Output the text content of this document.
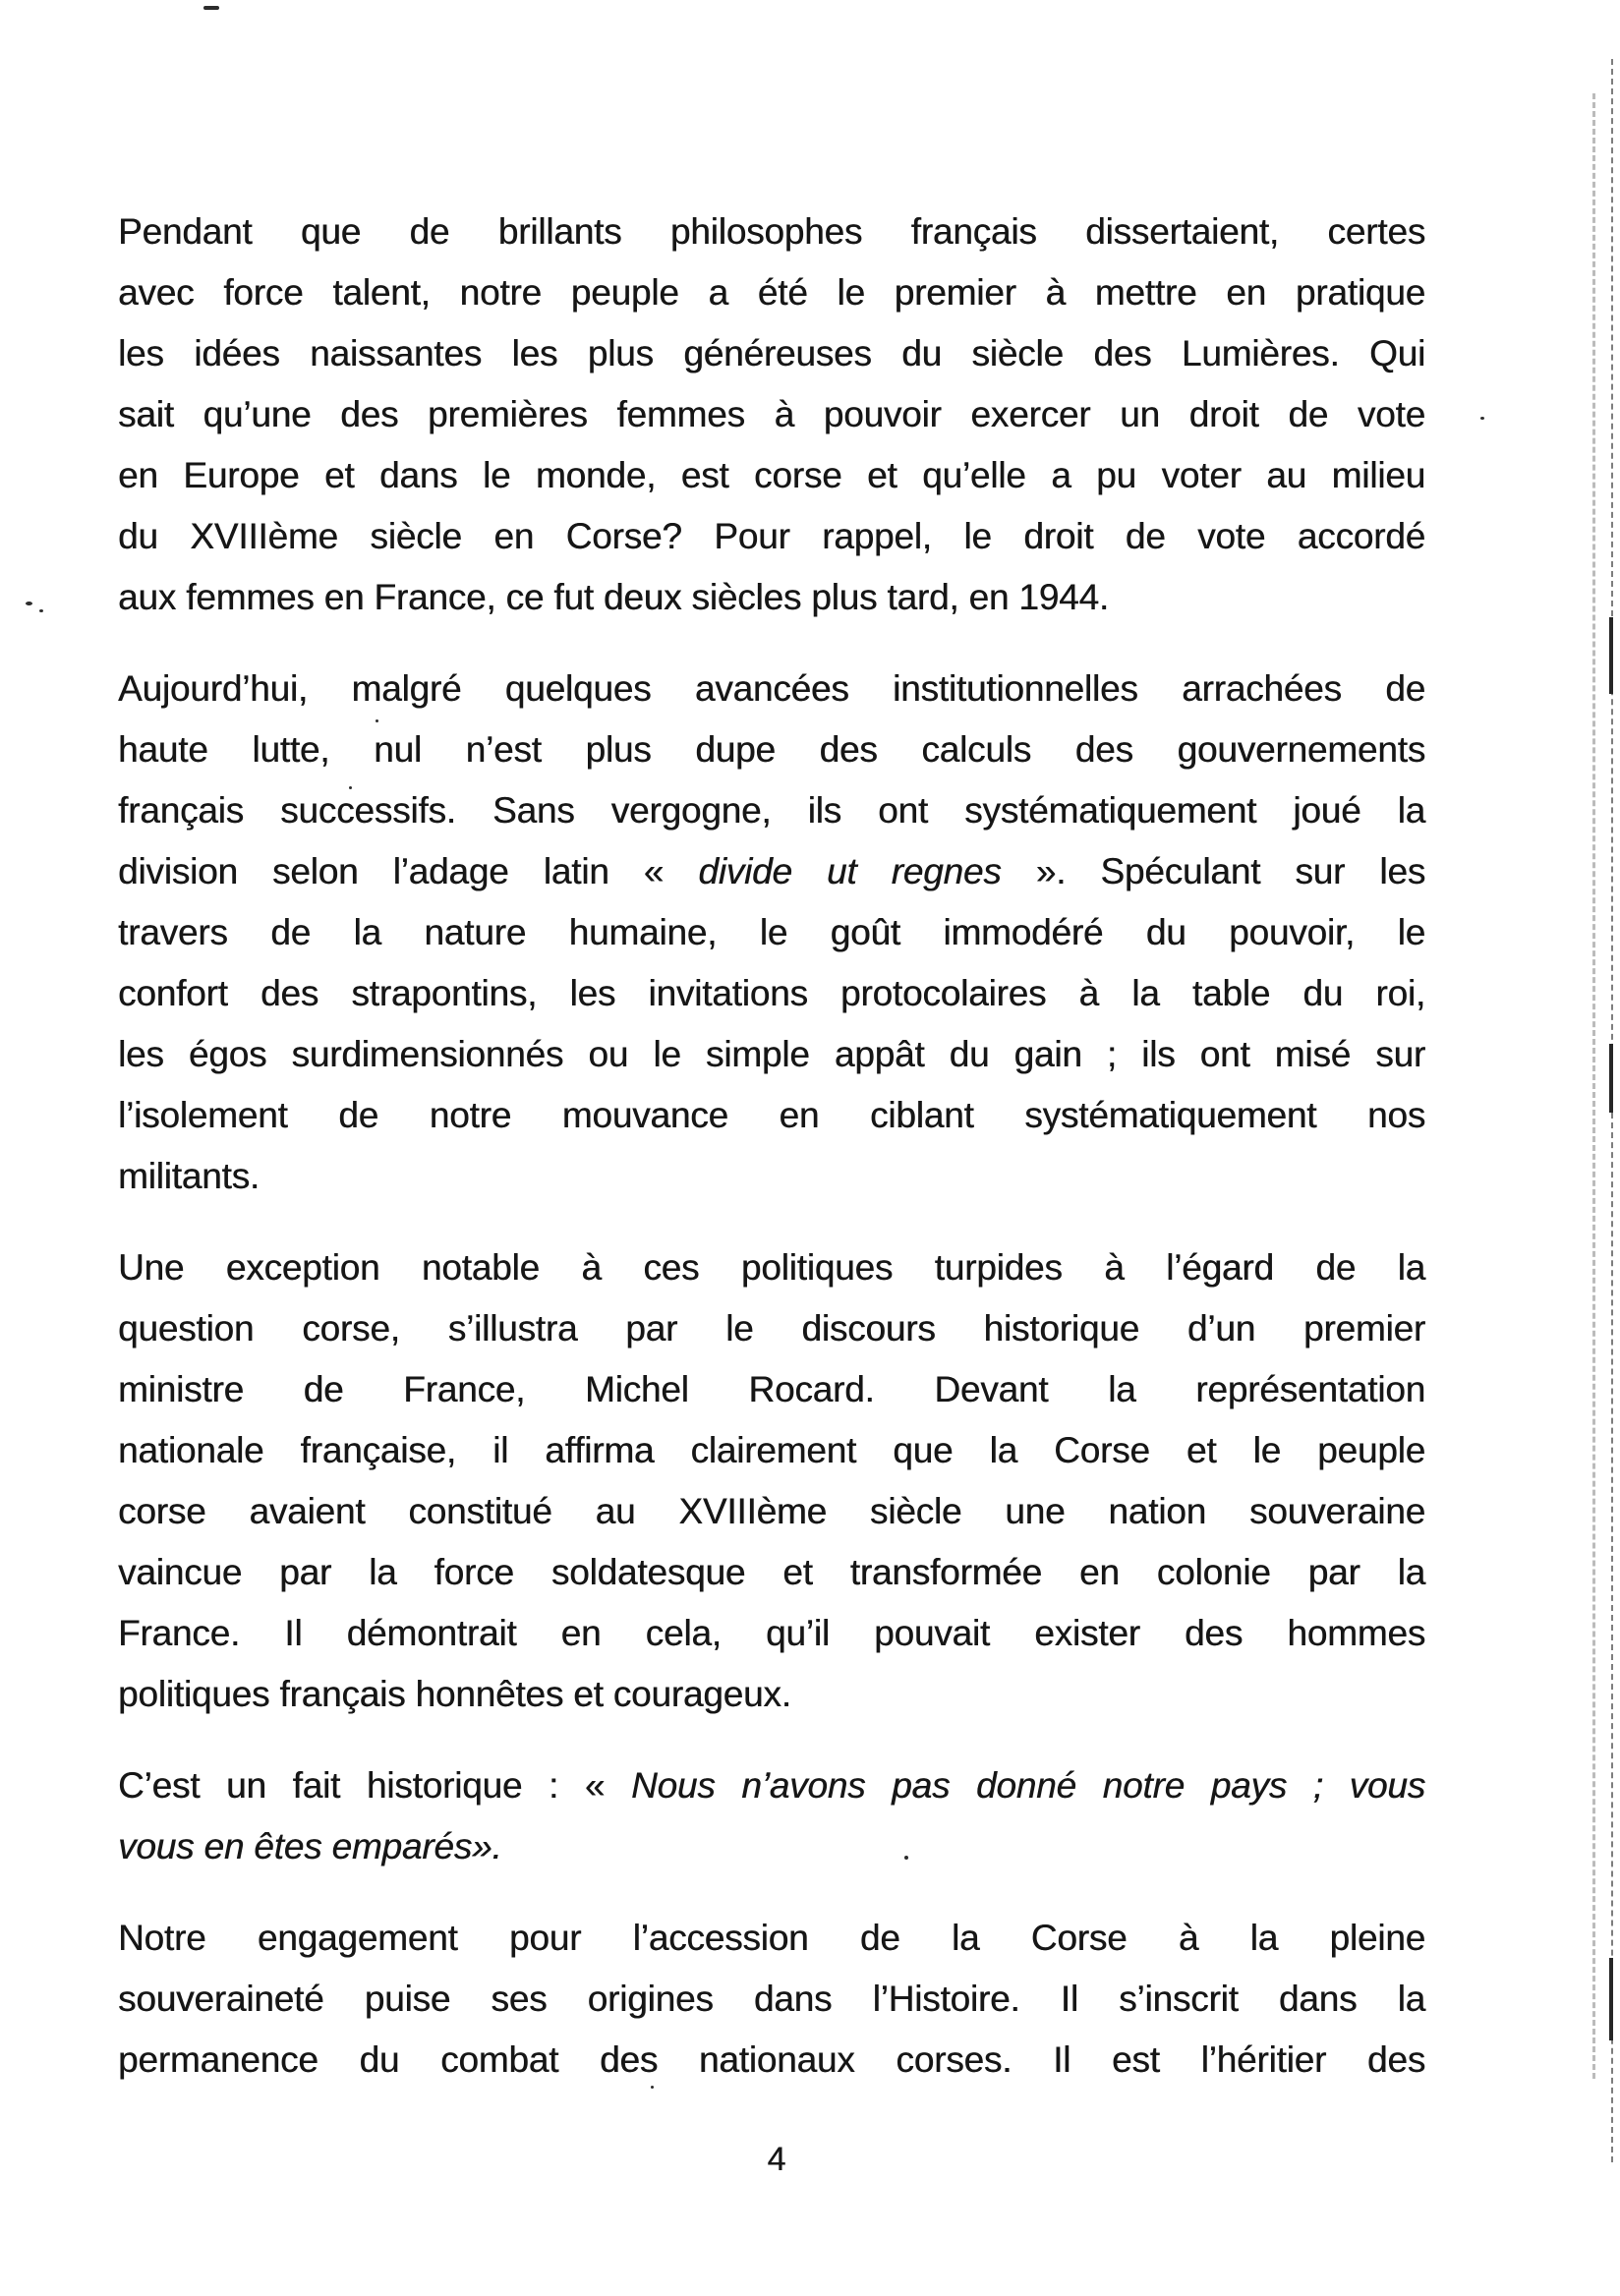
Pendant que de brillants philosophes français dissertaient, certes
avec force talent, notre peuple a été le premier à mettre en pratique
les idées naissantes les plus généreuses du siècle des Lumières. Qui
sait qu’une des premières femmes à pouvoir exercer un droit de vote
en Europe et dans le monde, est corse et qu’elle a pu voter au milieu
du XVIIIème siècle en Corse? Pour rappel, le droit de vote accordé
aux femmes en France, ce fut deux siècles plus tard, en 1944.
Aujourd’hui, malgré quelques avancées institutionnelles arrachées de
haute lutte, nul n’est plus dupe des calculs des gouvernements
français successifs. Sans vergogne, ils ont systématiquement joué la
division selon l’adage latin « divide ut regnes ». Spéculant sur les
travers de la nature humaine, le goût immodéré du pouvoir, le
confort des strapontins, les invitations protocolaires à la table du roi,
les égos surdimensionnés ou le simple appât du gain ; ils ont misé sur
l’isolement de notre mouvance en ciblant systématiquement nos
militants.
Une exception notable à ces politiques turpides à l’égard de la
question corse, s’illustra par le discours historique d’un premier
ministre de France, Michel Rocard. Devant la représentation
nationale française, il affirma clairement que la Corse et le peuple
corse avaient constitué au XVIIIème siècle une nation souveraine
vaincue par la force soldatesque et transformée en colonie par la
France. Il démontrait en cela, qu’il pouvait exister des hommes
politiques français honnêtes et courageux.
C’est un fait historique : « Nous n’avons pas donné notre pays ; vous
vous en êtes emparés».
Notre engagement pour l’accession de la Corse à la pleine
souveraineté puise ses origines dans l’Histoire. Il s’inscrit dans la
permanence du combat des nationaux corses. Il est l’héritier des
4
